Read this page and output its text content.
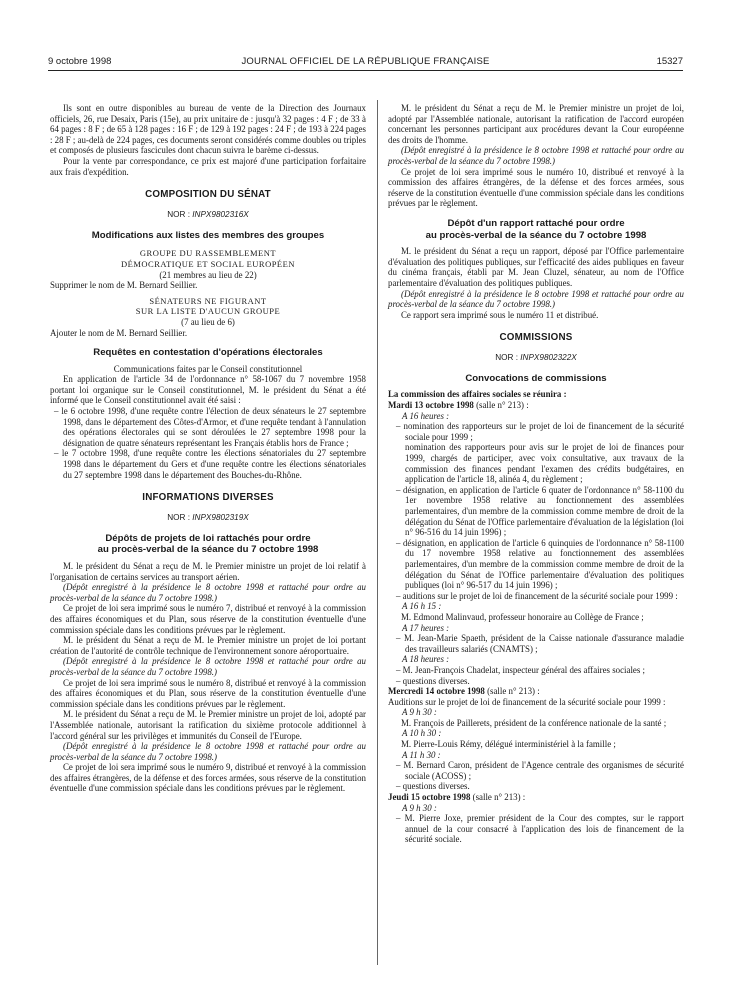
9 octobre 1998	JOURNAL OFFICIEL DE LA RÉPUBLIQUE FRANÇAISE	15327

Ils sont en outre disponibles au bureau de vente de la Direction des Journaux officiels, 26, rue Desaix, Paris (15e), au prix unitaire de : jusqu'à 32 pages : 4 F ; de 33 à 64 pages : 8 F ; de 65 à 128 pages : 16 F ; de 129 à 192 pages : 24 F ; de 193 à 224 pages : 28 F ; au-delà de 224 pages, ces documents seront considérés comme doubles ou triples et composés de plusieurs fascicules dont chacun suivra le barème ci-dessus.

Pour la vente par correspondance, ce prix est majoré d'une participation forfaitaire aux frais d'expédition.

COMPOSITION DU SÉNAT

NOR : INPX9802316X

Modifications aux listes des membres des groupes

GROUPE DU RASSEMBLEMENT

DÉMOCRATIQUE ET SOCIAL EUROPÉEN

(21 membres au lieu de 22)

Supprimer le nom de M. Bernard Seillier.

SÉNATEURS NE FIGURANT

SUR LA LISTE D'AUCUN GROUPE

(7 au lieu de 6)

Ajouter le nom de M. Bernard Seillier.

Requêtes en contestation d'opérations électorales

Communications faites par le Conseil constitutionnel

En application de l'article 34 de l'ordonnance n° 58-1067 du 7 novembre 1958 portant loi organique sur le Conseil constitutionnel, M. le président du Sénat a été informé que le Conseil constitutionnel avait été saisi :

– le 6 octobre 1998, d'une requête contre l'élection de deux sénateurs le 27 septembre 1998, dans le département des Côtes-d'Armor, et d'une requête tendant à l'annulation des opérations électorales qui se sont déroulées le 27 septembre 1998 pour la désignation de quatre sénateurs représentant les Français établis hors de France ;

– le 7 octobre 1998, d'une requête contre les élections sénatoriales du 27 septembre 1998 dans le département du Gers et d'une requête contre les élections sénatoriales du 27 septembre 1998 dans le département des Bouches-du-Rhône.

INFORMATIONS DIVERSES

NOR : INPX9802319X

Dépôts de projets de loi rattachés pour ordre

au procès-verbal de la séance du 7 octobre 1998

M. le président du Sénat a reçu de M. le Premier ministre un projet de loi relatif à l'organisation de certains services au transport aérien.

(Dépôt enregistré à la présidence le 8 octobre 1998 et rattaché pour ordre au procès-verbal de la séance du 7 octobre 1998.)

Ce projet de loi sera imprimé sous le numéro 7, distribué et renvoyé à la commission des affaires économiques et du Plan, sous réserve de la constitution éventuelle d'une commission spéciale dans les conditions prévues par le règlement.

M. le président du Sénat a reçu de M. le Premier ministre un projet de loi portant création de l'autorité de contrôle technique de l'environnement sonore aéroportuaire.

(Dépôt enregistré à la présidence le 8 octobre 1998 et rattaché pour ordre au procès-verbal de la séance du 7 octobre 1998.)

Ce projet de loi sera imprimé sous le numéro 8, distribué et renvoyé à la commission des affaires économiques et du Plan, sous réserve de la constitution éventuelle d'une commission spéciale dans les conditions prévues par le règlement.

M. le président du Sénat a reçu de M. le Premier ministre un projet de loi, adopté par l'Assemblée nationale, autorisant la ratification du sixième protocole additionnel à l'accord général sur les privilèges et immunités du Conseil de l'Europe.

(Dépôt enregistré à la présidence le 8 octobre 1998 et rattaché pour ordre au procès-verbal de la séance du 7 octobre 1998.)

Ce projet de loi sera imprimé sous le numéro 9, distribué et renvoyé à la commission des affaires étrangères, de la défense et des forces armées, sous réserve de la constitution éventuelle d'une commission spéciale dans les conditions prévues par le règlement.

M. le président du Sénat a reçu de M. le Premier ministre un projet de loi, adopté par l'Assemblée nationale, autorisant la ratification de l'accord européen concernant les personnes participant aux procédures devant la Cour européenne des droits de l'homme.

(Dépôt enregistré à la présidence le 8 octobre 1998 et rattaché pour ordre au procès-verbal de la séance du 7 octobre 1998.)

Ce projet de loi sera imprimé sous le numéro 10, distribué et renvoyé à la commission des affaires étrangères, de la défense et des forces armées, sous réserve de la constitution éventuelle d'une commission spéciale dans les conditions prévues par le règlement.

Dépôt d'un rapport rattaché pour ordre

au procès-verbal de la séance du 7 octobre 1998

M. le président du Sénat a reçu un rapport, déposé par l'Office parlementaire d'évaluation des politiques publiques, sur l'efficacité des aides publiques en faveur du cinéma français, établi par M. Jean Cluzel, sénateur, au nom de l'Office parlementaire d'évaluation des politiques publiques.

(Dépôt enregistré à la présidence le 8 octobre 1998 et rattaché pour ordre au procès-verbal de la séance du 7 octobre 1998.)

Ce rapport sera imprimé sous le numéro 11 et distribué.

COMMISSIONS

NOR : INPX9802322X

Convocations de commissions

La commission des affaires sociales se réunira :

Mardi 13 octobre 1998 (salle n° 213) :

A 16 heures :

– nomination des rapporteurs sur le projet de loi de financement de la sécurité sociale pour 1999 ;

nomination des rapporteurs pour avis sur le projet de loi de finances pour 1999, chargés de participer, avec voix consultative, aux travaux de la commission des finances pendant l'examen des crédits budgétaires, en application de l'article 18, alinéa 4, du règlement ;

– désignation, en application de l'article 6 quater de l'ordonnance n° 58-1100 du 1er novembre 1958 relative au fonctionnement des assemblées parlementaires, d'un membre de la commission comme membre de droit de la délégation du Sénat de l'Office parlementaire d'évaluation de la législation (loi n° 96-516 du 14 juin 1996) ;

– désignation, en application de l'article 6 quinquies de l'ordonnance n° 58-1100 du 17 novembre 1958 relative au fonctionnement des assemblées parlementaires, d'un membre de la commission comme membre de droit de la délégation du Sénat de l'Office parlementaire d'évaluation des politiques publiques (loi n° 96-517 du 14 juin 1996) ;

– auditions sur le projet de loi de financement de la sécurité sociale pour 1999 :

A 16 h 15 :

M. Edmond Malinvaud, professeur honoraire au Collège de France ;

A 17 heures :

– M. Jean-Marie Spaeth, président de la Caisse nationale d'assurance maladie des travailleurs salariés (CNAMTS) ;

A 18 heures :

– M. Jean-François Chadelat, inspecteur général des affaires sociales ;

– questions diverses.

Mercredi 14 octobre 1998 (salle n° 213) :

Auditions sur le projet de loi de financement de la sécurité sociale pour 1999 :

A 9 h 30 :

M. François de Paillerets, président de la conférence nationale de la santé ;

A 10 h 30 :

M. Pierre-Louis Rémy, délégué interministériel à la famille ;

A 11 h 30 :

– M. Bernard Caron, président de l'Agence centrale des organismes de sécurité sociale (ACOSS) ;

– questions diverses.

Jeudi 15 octobre 1998 (salle n° 213) :

A 9 h 30 :

– M. Pierre Joxe, premier président de la Cour des comptes, sur le rapport annuel de la cour consacré à l'application des lois de financement de la sécurité sociale.
